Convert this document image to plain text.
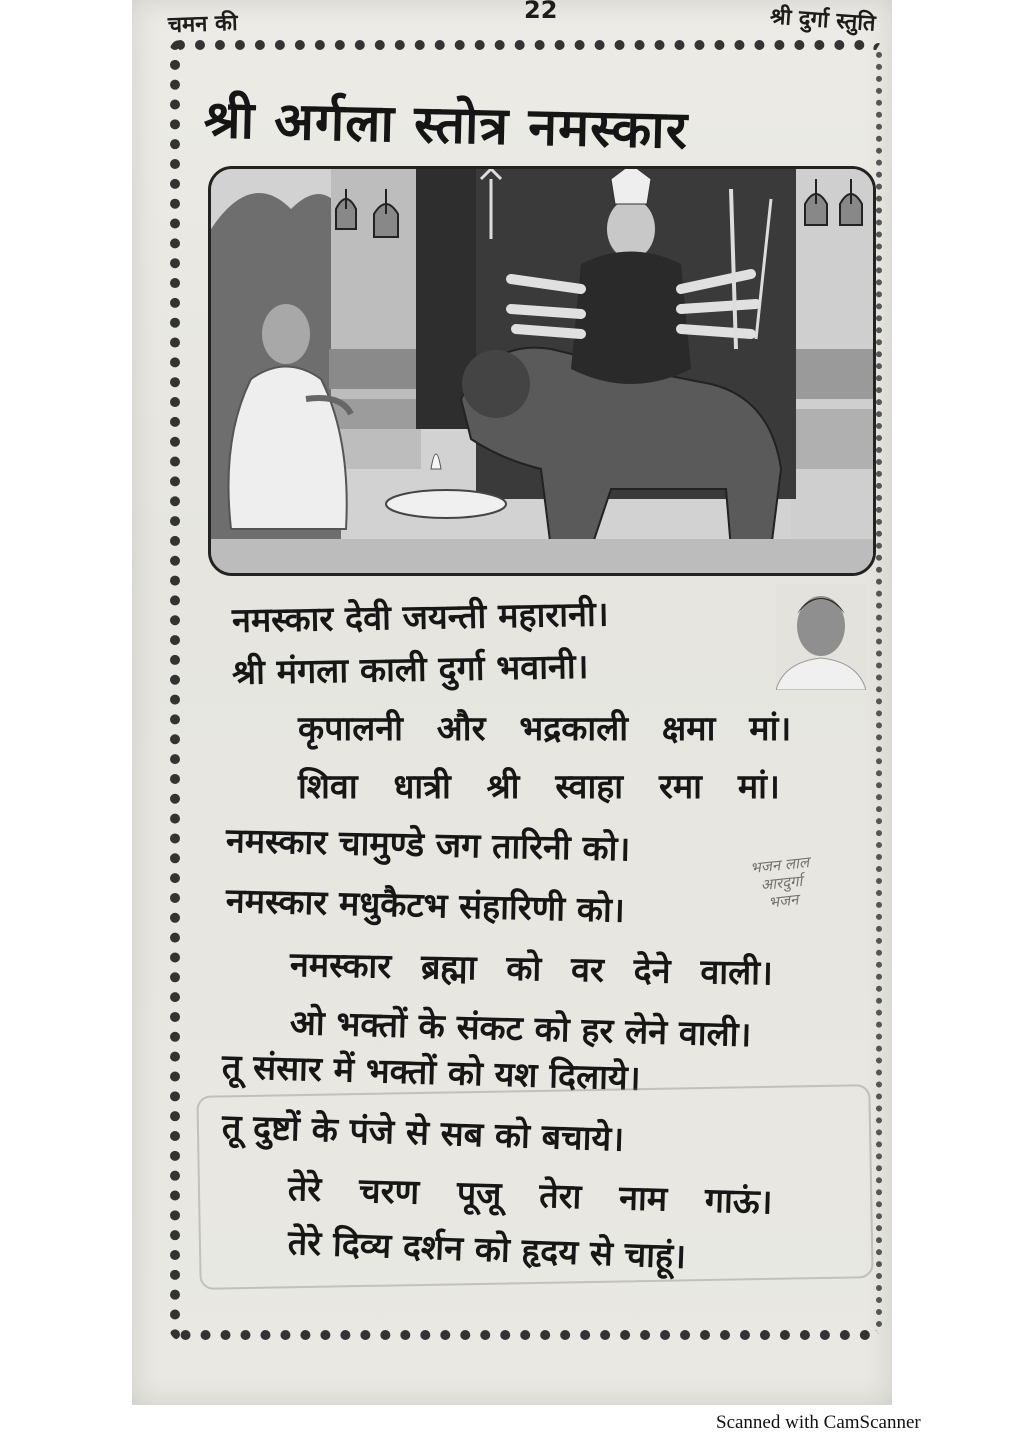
चमन की
22	श्री दुर्गा स्तुति
श्री अर्गला स्तोत्र नमस्कार
नमस्कार देवी जयन्ती महारानी।
श्री मंगला काली दुर्गा भवानी।
कृपालनी और भद्रकाली क्षमा मां।
शिवा धात्री श्री स्वाहा रमा मां।
नमस्कार चामुण्डे जग तारिनी को।
नमस्कार मधुकैटभ संहारिणी को।
नमस्कार ब्रह्मा को वर देने वाली।
ओ भक्तों के संकट को हर लेने वाली।
तू संसार में भक्तों को यश दिलाये।
तू दुष्टों के पंजे से सब को बचाये।
तेरे चरण पूजू तेरा नाम गाऊं।
तेरे दिव्य दर्शन को हृदय से चाहूं।
भजन लाल
आरदुर्गा
भजन
Scanned with CamScanner
